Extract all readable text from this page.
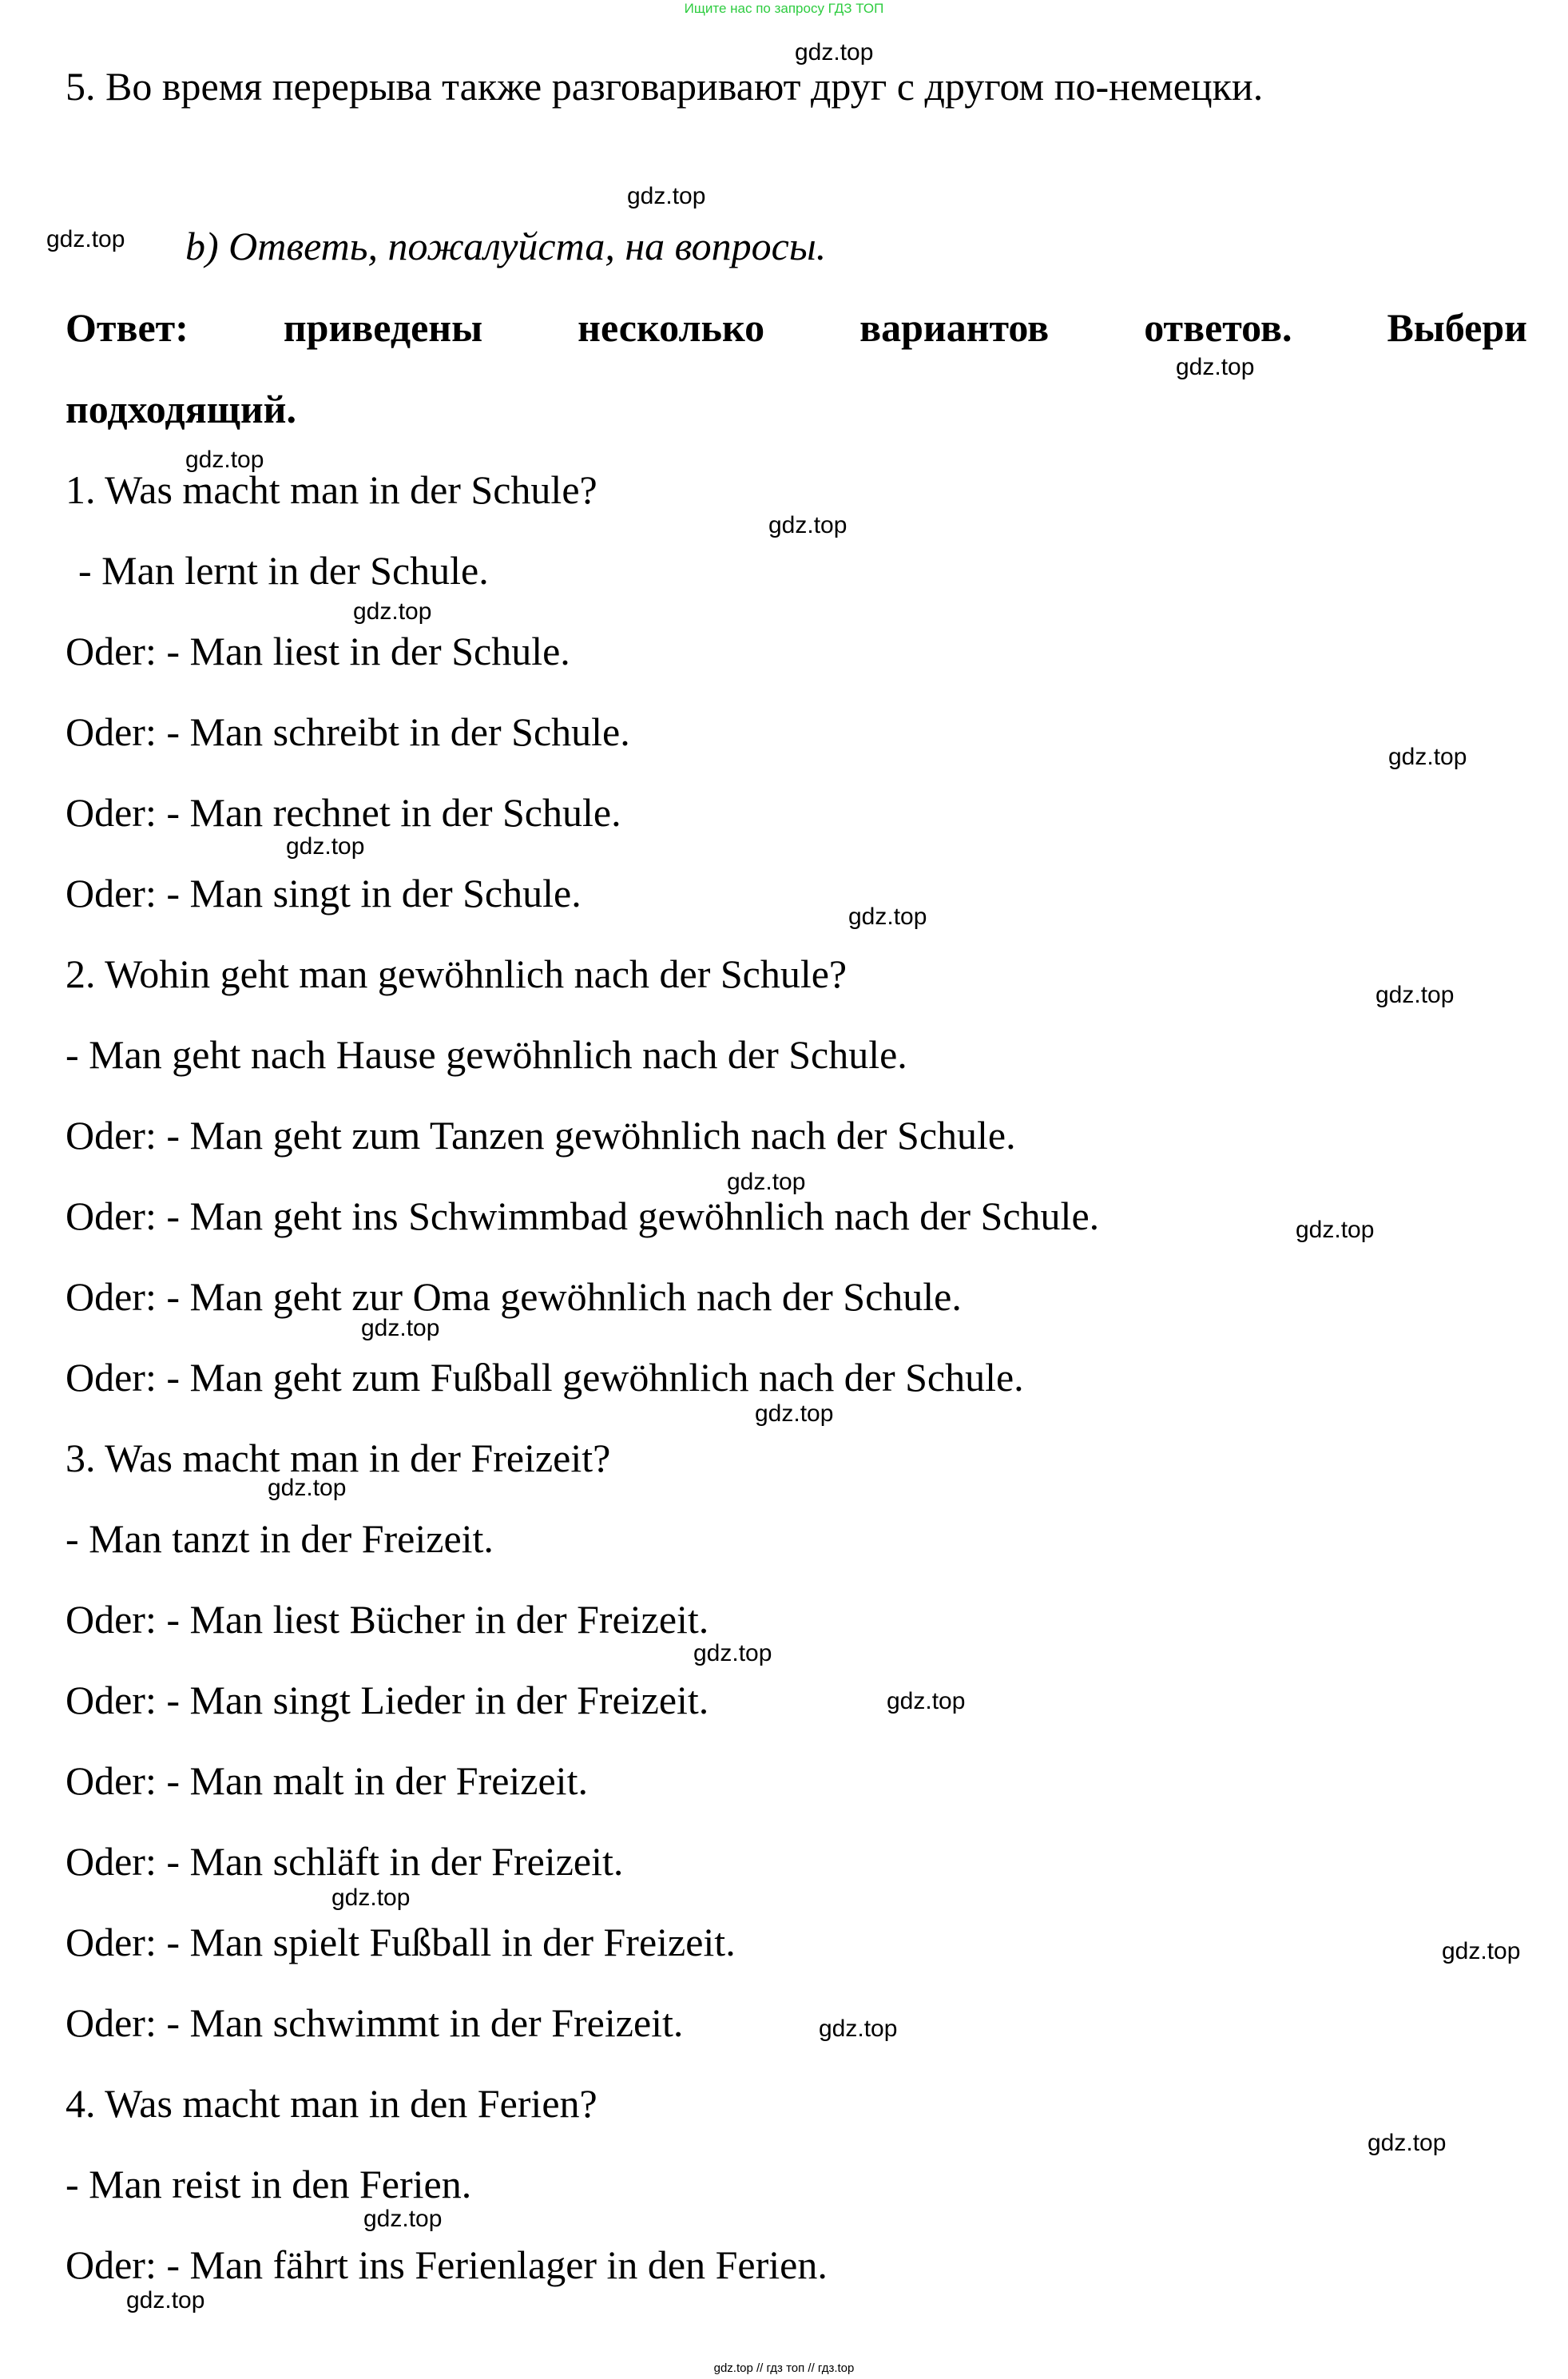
Ищите нас по запросу ГДЗ ТОП
5. Во время перерыва также разговаривают друг с другом по-немецки.
b) Ответь, пожалуйста, на вопросы.
Ответ: приведены несколько вариантов ответов. Выбери
подходящий.
1. Was macht man in der Schule?
- Man lernt in der Schule.
Oder: - Man liest in der Schule.
Oder: - Man schreibt in der Schule.
Oder: - Man rechnet in der Schule.
Oder: - Man singt in der Schule.
2. Wohin geht man gewöhnlich nach der Schule?
- Man geht nach Hause gewöhnlich nach der Schule.
Oder: - Man geht zum Tanzen gewöhnlich nach der Schule.
Oder: - Man geht ins Schwimmbad gewöhnlich nach der Schule.
Oder: - Man geht zur Oma gewöhnlich nach der Schule.
Oder: - Man geht zum Fußball gewöhnlich nach der Schule.
3. Was macht man in der Freizeit?
- Man tanzt in der Freizeit.
Oder: - Man liest Bücher in der Freizeit.
Oder: - Man singt Lieder in der Freizeit.
Oder: - Man malt in der Freizeit.
Oder: - Man schläft in der Freizeit.
Oder: - Man spielt Fußball in der Freizeit.
Oder: - Man schwimmt in der Freizeit.
4. Was macht man in den Ferien?
- Man reist in den Ferien.
Oder: - Man fährt ins Ferienlager in den Ferien.
gdz.top
gdz.top
gdz.top
gdz.top
gdz.top
gdz.top
gdz.top
gdz.top
gdz.top
gdz.top
gdz.top
gdz.top
gdz.top
gdz.top
gdz.top
gdz.top
gdz.top
gdz.top
gdz.top
gdz.top
gdz.top
gdz.top
gdz.top
gdz.top
gdz.top // гдз топ // гдз.top
